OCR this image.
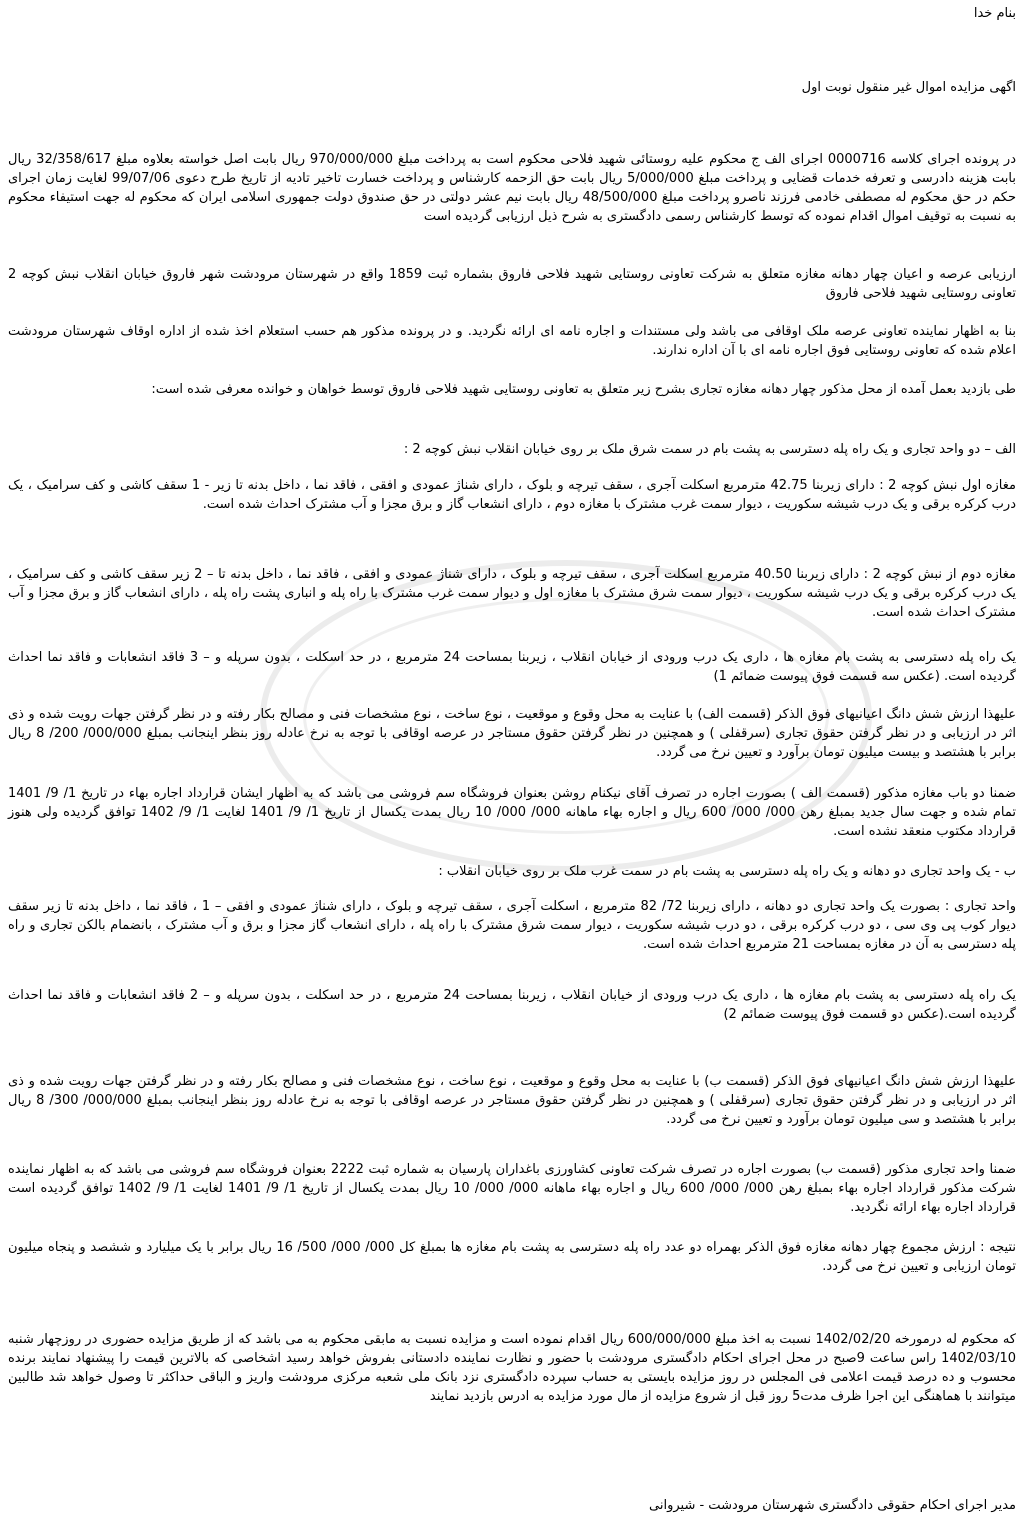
بنام خدا
اگهی مزایده اموال غیر منقول نوبت اول

در پرونده اجرای کلاسه 0000716 اجرای الف ج محکوم علیه روستائی شهید فلاحی محکوم است به پرداخت مبلغ 970/000/000 ریال بابت اصل خواسته بعلاوه مبلغ 32/358/617 ریال بابت هزینه دادرسی و تعرفه خدمات قضایی و پرداخت مبلغ 5/000/000 ریال بابت حق الزحمه کارشناس و پرداخت خسارت تاخیر تادیه از تاریخ طرح دعوی 99/07/06 لغایت زمان اجرای حکم در حق محکوم له مصطفی خادمی فرزند ناصرو پرداخت مبلغ 48/500/000 ریال بابت نیم عشر دولتی در حق صندوق دولت جمهوری اسلامی ایران که محکوم له جهت استیفاء محکوم به نسبت به توقیف اموال اقدام نموده که توسط کارشناس رسمی دادگستری به شرح ذیل ارزیابی گردیده است

ارزیابی عرصه و اعیان چهار دهانه مغازه متعلق به شرکت تعاونی روستایی شهید فلاحی فاروق بشماره ثبت 1859 واقع در شهرستان مرودشت شهر فاروق خیابان انقلاب نبش کوچه 2 تعاونی روستایی شهید فلاحی فاروق

بنا به اظهار نماینده تعاونی عرصه ملک اوقافی می باشد ولی مستندات و اجاره نامه ای ارائه نگردید. و در پرونده مذکور هم حسب استعلام اخذ شده از اداره اوقاف شهرستان مرودشت اعلام شده که تعاونی روستایی فوق اجاره نامه ای با آن اداره ندارند.

طی بازدید بعمل آمده از محل مذکور چهار دهانه مغازه تجاری بشرح زیر متعلق به تعاونی روستایی شهید فلاحی فاروق توسط خواهان و خوانده معرفی شده است:

الف – دو واحد تجاری و یک راه پله دسترسی به پشت بام در سمت شرق ملک بر روی خیابان انقلاب نبش کوچه 2 :

مغازه اول نبش کوچه 2 : دارای زیربنا 42.75 مترمربع اسکلت آجری ، سقف تیرچه و بلوک ، دارای شناژ عمودی و افقی ، فاقد نما ، داخل بدنه تا زیر - 1 سقف کاشی و کف سرامیک ، یک درب کرکره برقی و یک درب شیشه سکوریت ، دیوار سمت غرب مشترک با مغازه دوم ، دارای انشعاب گاز و برق مجزا و آب مشترک احداث شده است.

مغازه دوم از نبش کوچه 2 : دارای زیربنا 40.50 مترمربع اسکلت آجری ، سقف تیرچه و بلوک ، دارای شناژ عمودی و افقی ، فاقد نما ، داخل بدنه تا – 2 زیر سقف کاشی و کف سرامیک ، یک درب کرکره برقی و یک درب شیشه سکوریت ، دیوار سمت شرق مشترک با مغازه اول و دیوار سمت غرب مشترک با راه پله و انباری پشت راه پله ، دارای انشعاب گاز و برق مجزا و آب مشترک احداث شده است.

یک راه پله دسترسی به پشت بام مغازه ها ، داری یک درب ورودی از خیابان انقلاب ، زیربنا بمساحت 24 مترمربع ، در حد اسکلت ، بدون سرپله و – 3 فاقد انشعابات و فاقد نما احداث گردیده است. (عکس سه قسمت فوق پیوست ضمائم 1)

علیهذا ارزش شش دانگ اعیانیهای فوق الذکر (قسمت الف) با عنایت به محل وقوع و موقعیت ، نوع ساخت ، نوع مشخصات فنی و مصالح بکار رفته و در نظر گرفتن جهات رویت شده و ذی اثر در ارزیابی و در نظر گرفتن حقوق تجاری (سرقفلی ) و همچنین در نظر گرفتن حقوق مستاجر در عرصه اوقافی با توجه به نرخ عادله روز بنظر اینجانب بمبلغ 000/000/ 200/ 8 ریال برابر با هشتصد و بیست میلیون تومان برآورد و تعیین نرخ می گردد.

ضمنا دو باب مغازه مذکور (قسمت الف ) بصورت اجاره در تصرف آقای نیکنام روشن بعنوان فروشگاه سم فروشی می باشد که به اظهار ایشان قرارداد اجاره بهاء در تاریخ 1/ 9/ 1401 تمام شده و جهت سال جدید بمبلغ رهن 000/ 000/ 600 ریال و اجاره بهاء ماهانه 000/ 000/ 10 ریال بمدت یکسال از تاریخ 1/ 9/ 1401 لغایت 1/ 9/ 1402 توافق گردیده ولی هنوز قرارداد مکتوب منعقد نشده است.

ب - یک واحد تجاری دو دهانه و یک راه پله دسترسی به پشت بام در سمت غرب ملک بر روی خیابان انقلاب :

واحد تجاری : بصورت یک واحد تجاری دو دهانه ، دارای زیربنا 72/ 82 مترمربع ، اسکلت آجری ، سقف تیرچه و بلوک ، دارای شناژ عمودی و افقی – 1 ، فاقد نما ، داخل بدنه تا زیر سقف دیوار کوب پی وی سی ، دو درب کرکره برقی ، دو درب شیشه سکوریت ، دیوار سمت شرق مشترک با راه پله ، دارای انشعاب گاز مجزا و برق و آب مشترک ، بانضمام بالکن تجاری و راه پله دسترسی به آن در مغازه بمساحت 21 مترمربع احداث شده است.

یک راه پله دسترسی به پشت بام مغازه ها ، داری یک درب ورودی از خیابان انقلاب ، زیربنا بمساحت 24 مترمربع ، در حد اسکلت ، بدون سرپله و – 2 فاقد انشعابات و فاقد نما احداث گردیده است.(عکس دو قسمت فوق پیوست ضمائم 2)

علیهذا ارزش شش دانگ اعیانیهای فوق الذکر (قسمت ب) با عنایت به محل وقوع و موقعیت ، نوع ساخت ، نوع مشخصات فنی و مصالح بکار رفته و در نظر گرفتن جهات رویت شده و ذی اثر در ارزیابی و در نظر گرفتن حقوق تجاری (سرقفلی ) و همچنین در نظر گرفتن حقوق مستاجر در عرصه اوقافی با توجه به نرخ عادله روز بنظر اینجانب بمبلغ 000/000/ 300/ 8 ریال برابر با هشتصد و سی میلیون تومان برآورد و تعیین نرخ می گردد.

ضمنا واحد تجاری مذکور (قسمت ب) بصورت اجاره در تصرف شرکت تعاونی کشاورزی باغداران پارسیان به شماره ثبت 2222 بعنوان فروشگاه سم فروشی می باشد که به اظهار نماینده شرکت مذکور قرارداد اجاره بهاء بمبلغ رهن 000/ 000/ 600 ریال و اجاره بهاء ماهانه 000/ 000/ 10 ریال بمدت یکسال از تاریخ 1/ 9/ 1401 لغایت 1/ 9/ 1402 توافق گردیده است قرارداد اجاره بهاء ارائه نگردید.

نتیجه : ارزش مجموع چهار دهانه مغازه فوق الذکر بهمراه دو عدد راه پله دسترسی به پشت بام مغازه ها بمبلغ کل 000/ 000/ 500/ 16 ریال برابر با یک میلیارد و ششصد و پنجاه میلیون تومان ارزیابی و تعیین نرخ می گردد.

که محکوم له درمورخه 1402/02/20 نسبت به اخذ مبلغ 600/000/000 ریال اقدام نموده است و مزایده نسبت به مابقی محکوم به می باشد که از طریق مزایده حضوری در روزچهار شنبه 1402/03/10 راس ساعت 9صبح در محل اجرای احکام دادگستری مرودشت با حضور و نظارت نماینده دادستانی بفروش خواهد رسید اشخاصی که بالاترین قیمت را پیشنهاد نمایند برنده محسوب و ده درصد قیمت اعلامی فی المجلس در روز مزایده بایستی به حساب سپرده دادگستری نزد بانک ملی شعبه مرکزی مرودشت واریز و الباقی حداکثر تا وصول خواهد شد طالبین میتوانند با هماهنگی این اجرا ظرف مدت5 روز قبل از شروع مزایده از مال مورد مزایده به ادرس بازدید نمایند

مدیر اجرای احکام حقوقی دادگستری شهرستان مرودشت - شیروانی
